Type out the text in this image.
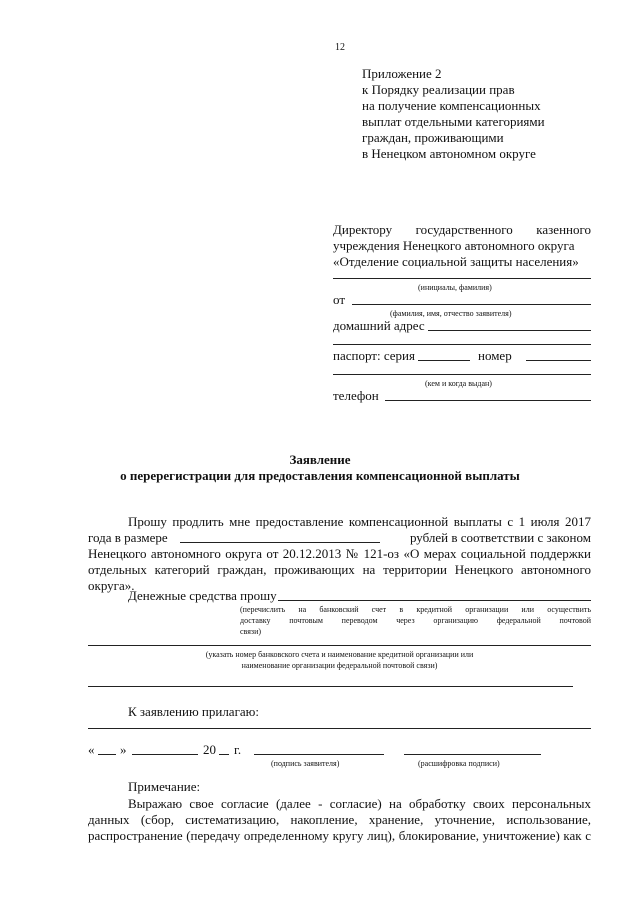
12
Приложение 2
к Порядку реализации прав
на получение компенсационных
выплат отдельными категориями
граждан, проживающими
в Ненецком автономном округе
Директору государственного казенного
учреждения Ненецкого автономного округа
«Отделение социальной защиты населения»
(инициалы, фамилия)
от
(фамилия, имя, отчество заявителя)
домашний адрес
паспорт: серия	номер
(кем и когда выдан)
телефон
Заявление
о перерегистрации для предоставления компенсационной выплаты
Прошу продлить мне предоставление компенсационной выплаты с 1 июля 2017
года в размере	рублей в соответствии с законом
Ненецкого автономного округа от 20.12.2013 № 121-оз «О мерах социальной поддержки
отдельных категорий граждан, проживающих на территории Ненецкого автономного
округа».
Денежные средства прошу
(перечислить на банковский счет в кредитной организации или осуществить
доставку почтовым переводом через организацию федеральной почтовой
связи)
(указать номер банковского счета и наименование кредитной организации или
наименование организации федеральной почтовой связи)
К заявлению прилагаю:
« »	20 г.
(подпись заявителя)	(расшифровка подписи)
Примечание:
Выражаю свое согласие (далее - согласие) на обработку своих персональных
данных (сбор, систематизацию, накопление, хранение, уточнение, использование,
распространение (передачу определенному кругу лиц), блокирование, уничтожение) как с
